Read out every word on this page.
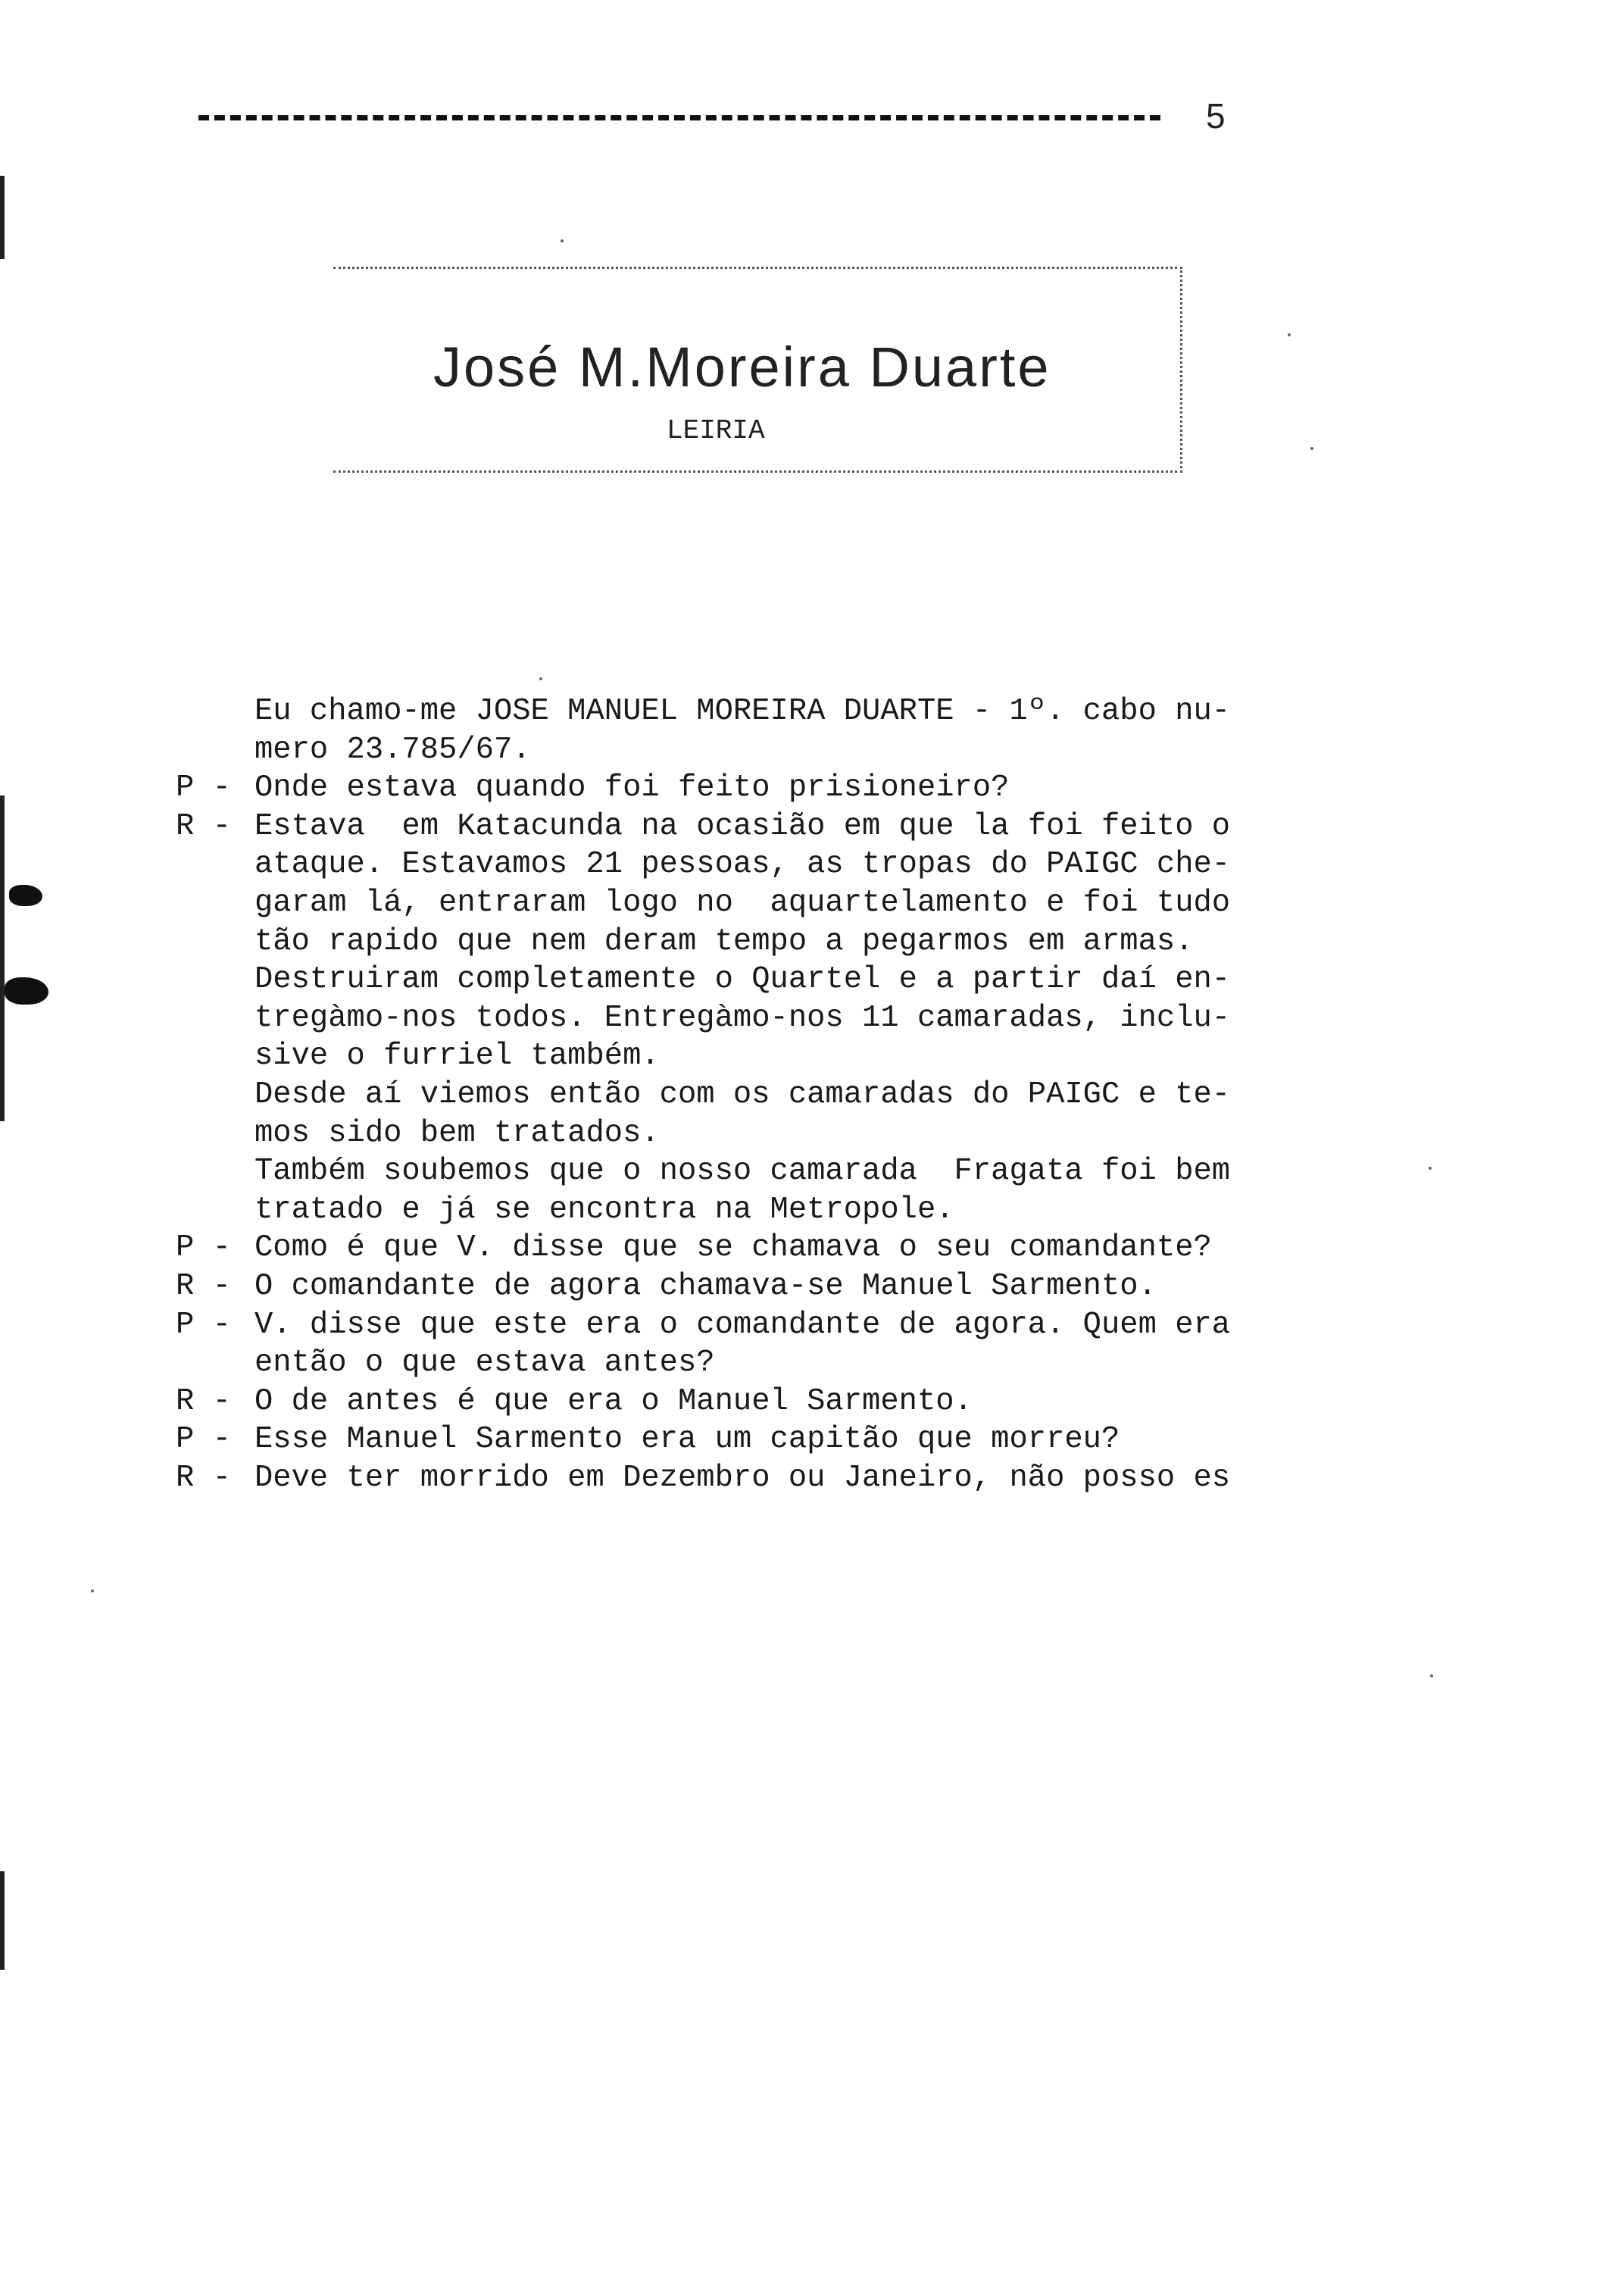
5
José M.Moreira Duarte
LEIRIA
Eu chamo-me JOSE MANUEL MOREIRA DUARTE - 1º. cabo nu-
mero 23.785/67.
P - Onde estava quando foi feito prisioneiro?
R - Estava  em Katacunda na ocasião em que la foi feito o
ataque. Estavamos 21 pessoas, as tropas do PAIGC che-
garam lá, entraram logo no  aquartelamento e foi tudo
tão rapido que nem deram tempo a pegarmos em armas.
Destruiram completamente o Quartel e a partir daí en-
tregàmo-nos todos. Entregàmo-nos 11 camaradas, inclu-
sive o furriel também.
Desde aí viemos então com os camaradas do PAIGC e te-
mos sido bem tratados.
Também soubemos que o nosso camarada  Fragata foi bem
tratado e já se encontra na Metropole.
P - Como é que V. disse que se chamava o seu comandante?
R - O comandante de agora chamava-se Manuel Sarmento.
P - V. disse que este era o comandante de agora. Quem era
então o que estava antes?
R - O de antes é que era o Manuel Sarmento.
P - Esse Manuel Sarmento era um capitão que morreu?
R - Deve ter morrido em Dezembro ou Janeiro, não posso es
